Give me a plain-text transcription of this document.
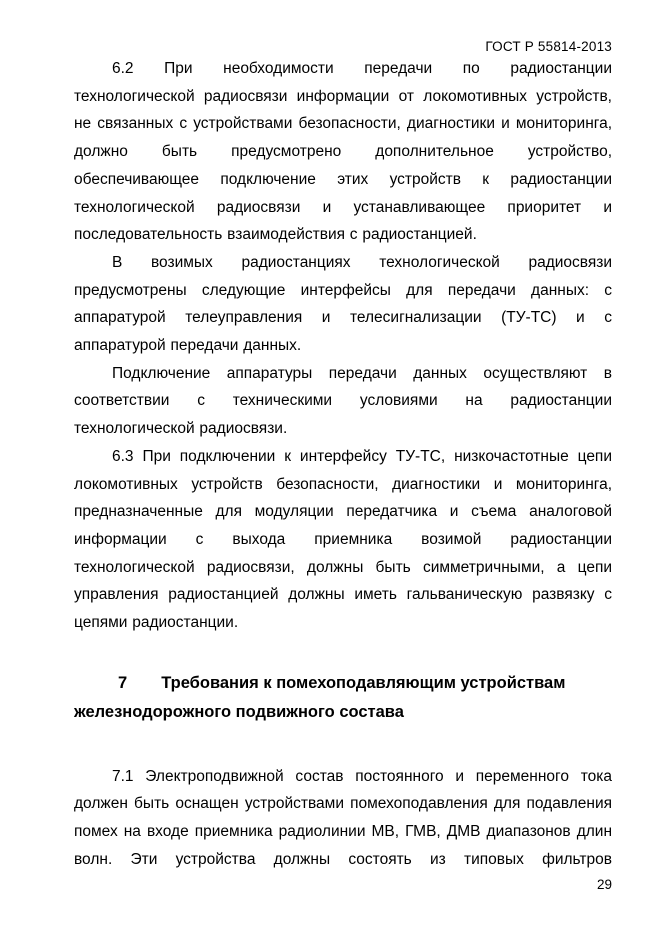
ГОСТ Р 55814-2013
6.2 При необходимости передачи по радиостанции
технологической радиосвязи информации от локомотивных устройств,
не связанных с устройствами безопасности, диагностики и мониторинга,
должно быть предусмотрено дополнительное устройство,
обеспечивающее подключение этих устройств к радиостанции
технологической радиосвязи и устанавливающее приоритет и
последовательность взаимодействия с радиостанцией.
В возимых радиостанциях технологической радиосвязи
предусмотрены следующие интерфейсы для передачи данных: с
аппаратурой телеуправления и телесигнализации (ТУ-ТС) и с
аппаратурой передачи данных.
Подключение аппаратуры передачи данных осуществляют в
соответствии с техническими условиями на радиостанции
технологической радиосвязи.
6.3 При подключении к интерфейсу ТУ-ТС, низкочастотные цепи
локомотивных устройств безопасности, диагностики и мониторинга,
предназначенные для модуляции передатчика и съема аналоговой
информации с выхода приемника возимой радиостанции
технологической радиосвязи, должны быть симметричными, а цепи
управления радиостанцией должны иметь гальваническую развязку с
цепями радиостанции.
7 Требования к помехоподавляющим устройствам
железнодорожного подвижного состава
7.1 Электроподвижной состав постоянного и переменного тока
должен быть оснащен устройствами помехоподавления для подавления
помех на входе приемника радиолинии МВ, ГМВ, ДМВ диапазонов длин
волн. Эти устройства должны состоять из типовых фильтров
29
